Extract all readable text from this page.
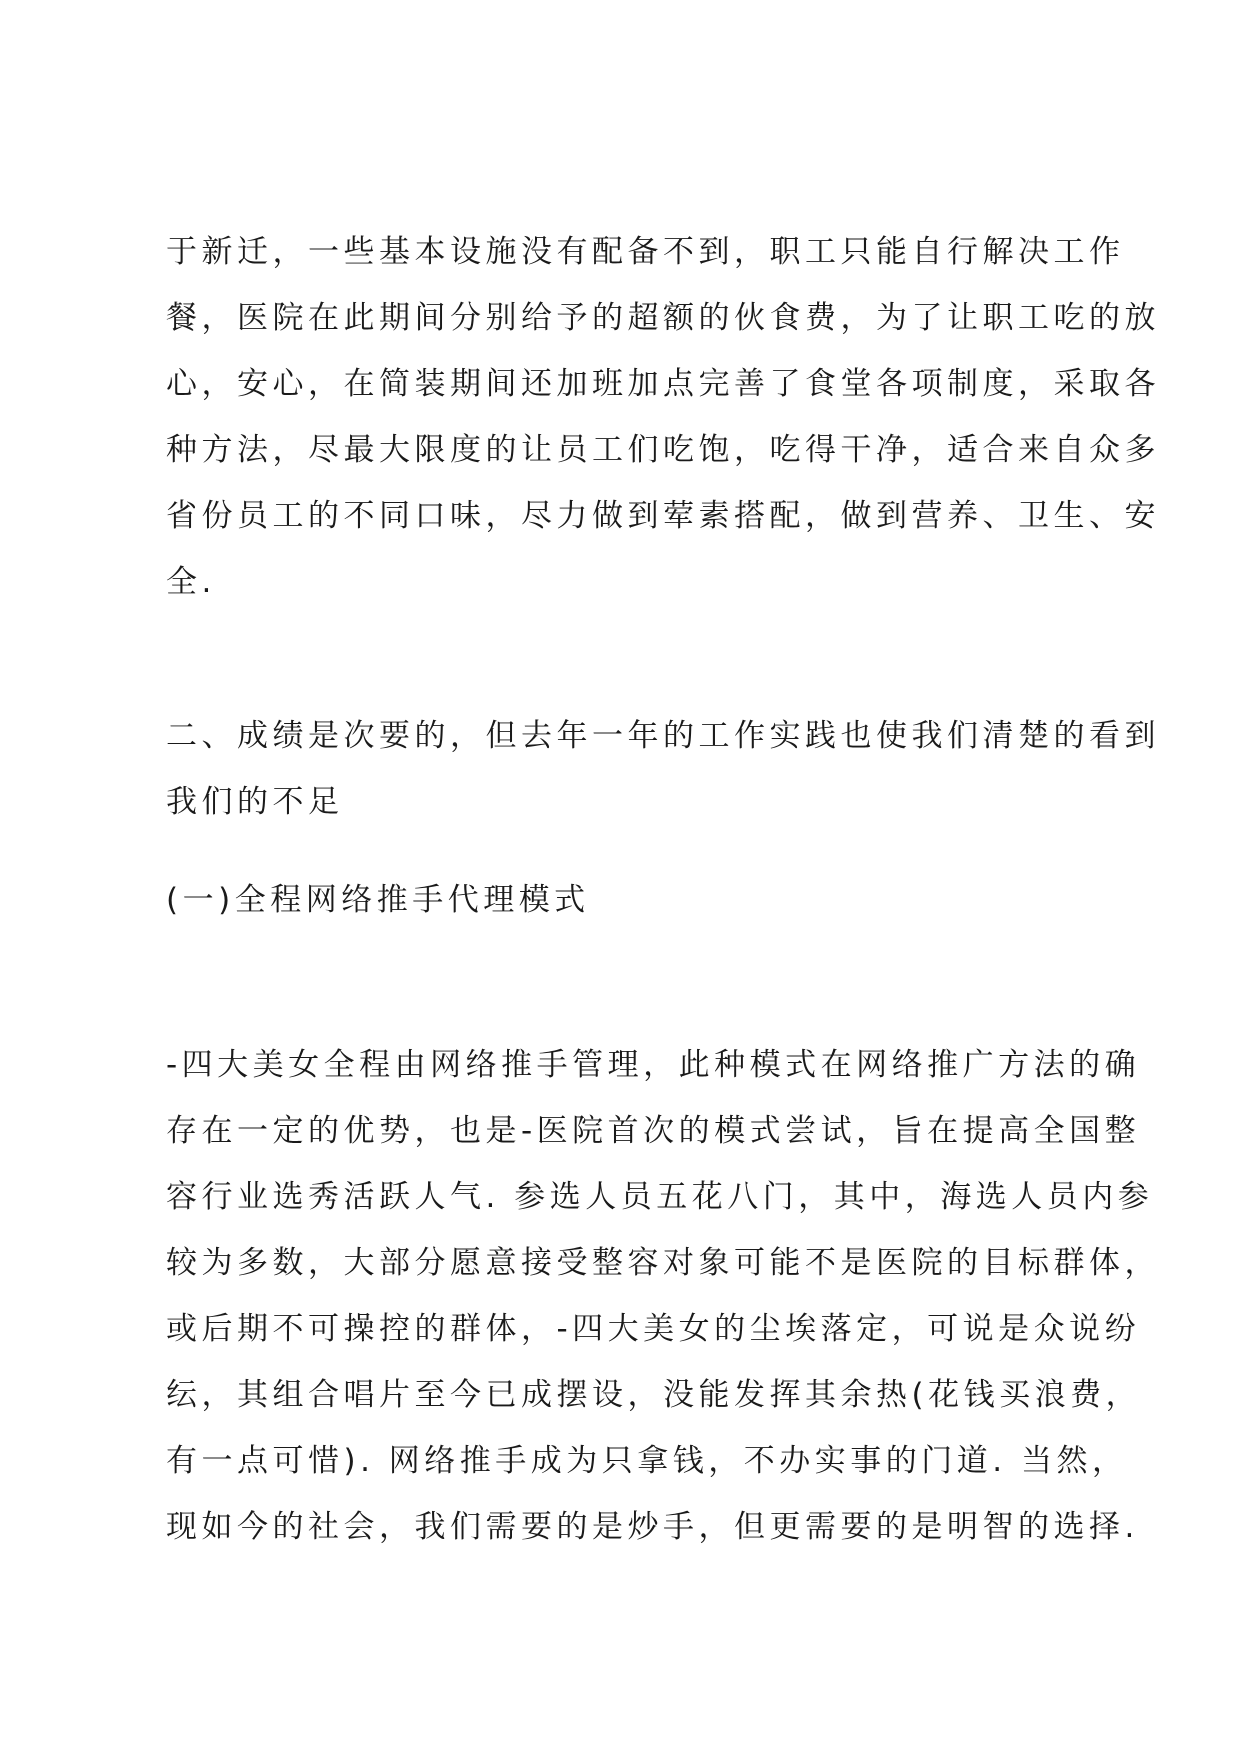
于新迁，一些基本设施没有配备不到，职工只能自行解决工作
餐，医院在此期间分别给予的超额的伙食费，为了让职工吃的放
心，安心，在简装期间还加班加点完善了食堂各项制度，采取各
种方法，尽最大限度的让员工们吃饱，吃得干净，适合来自众多
省份员工的不同口味，尽力做到荤素搭配，做到营养、卫生、安
全.
二、成绩是次要的，但去年一年的工作实践也使我们清楚的看到
我们的不足
(一)全程网络推手代理模式
-四大美女全程由网络推手管理，此种模式在网络推广方法的确
存在一定的优势，也是-医院首次的模式尝试，旨在提高全国整
容行业选秀活跃人气. 参选人员五花八门，其中，海选人员内参
较为多数，大部分愿意接受整容对象可能不是医院的目标群体，
或后期不可操控的群体，-四大美女的尘埃落定，可说是众说纷
纭，其组合唱片至今已成摆设，没能发挥其余热(花钱买浪费，
有一点可惜). 网络推手成为只拿钱，不办实事的门道. 当然，
现如今的社会，我们需要的是炒手，但更需要的是明智的选择.
